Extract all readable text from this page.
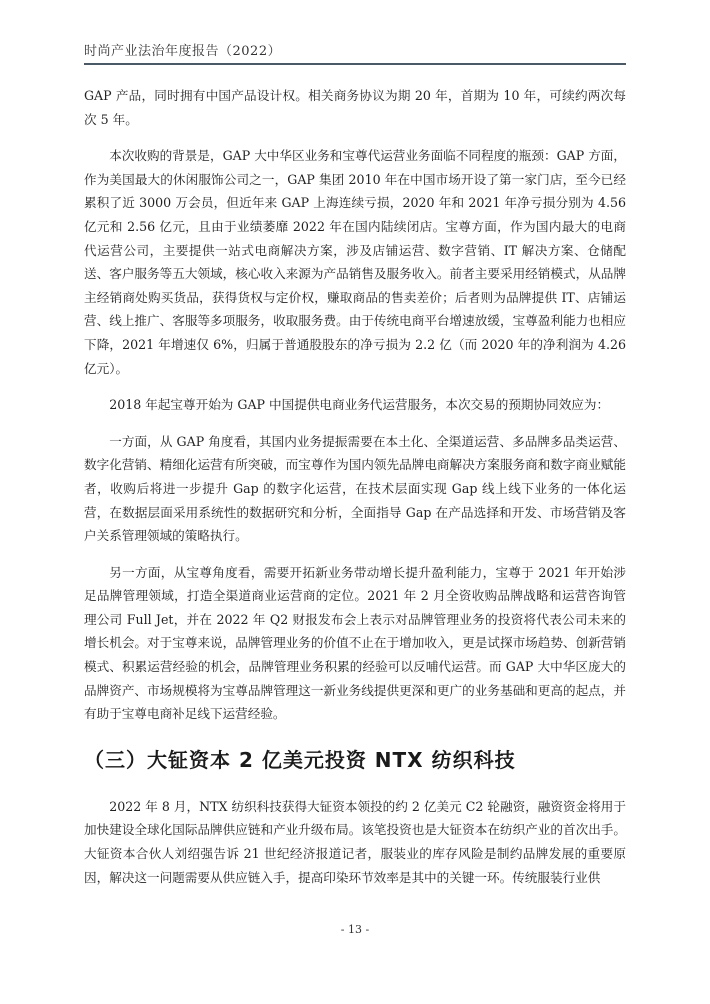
时尚产业法治年度报告（2022）

GAP 产品，同时拥有中国产品设计权。相关商务协议为期 20 年，首期为 10 年，可续约两次每次 5 年。

本次收购的背景是，GAP 大中华区业务和宝尊代运营业务面临不同程度的瓶颈：GAP 方面，作为美国最大的休闲服饰公司之一，GAP 集团 2010 年在中国市场开设了第一家门店，至今已经累积了近 3000 万会员，但近年来 GAP 上海连续亏损，2020 年和 2021 年净亏损分别为 4.56 亿元和 2.56 亿元，且由于业绩萎靡 2022 年在国内陆续闭店。宝尊方面，作为国内最大的电商代运营公司，主要提供一站式电商解决方案，涉及店铺运营、数字营销、IT 解决方案、仓储配送、客户服务等五大领域，核心收入来源为产品销售及服务收入。前者主要采用经销模式，从品牌主经销商处购买货品，获得货权与定价权，赚取商品的售卖差价；后者则为品牌提供 IT、店铺运营、线上推广、客服等多项服务，收取服务费。由于传统电商平台增速放缓，宝尊盈利能力也相应下降，2021 年增速仅 6%，归属于普通股股东的净亏损为 2.2 亿（而 2020 年的净利润为 4.26 亿元）。

2018 年起宝尊开始为 GAP 中国提供电商业务代运营服务，本次交易的预期协同效应为：

一方面，从 GAP 角度看，其国内业务提振需要在本土化、全渠道运营、多品牌多品类运营、数字化营销、精细化运营有所突破，而宝尊作为国内领先品牌电商解决方案服务商和数字商业赋能者，收购后将进一步提升 Gap 的数字化运营，在技术层面实现 Gap 线上线下业务的一体化运营，在数据层面采用系统性的数据研究和分析，全面指导 Gap 在产品选择和开发、市场营销及客户关系管理领域的策略执行。

另一方面，从宝尊角度看，需要开拓新业务带动增长提升盈利能力，宝尊于 2021 年开始涉足品牌管理领域，打造全渠道商业运营商的定位。2021 年 2 月全资收购品牌战略和运营咨询管理公司 Full Jet，并在 2022 年 Q2 财报发布会上表示对品牌管理业务的投资将代表公司未来的增长机会。对于宝尊来说，品牌管理业务的价值不止在于增加收入，更是试探市场趋势、创新营销模式、积累运营经验的机会，品牌管理业务积累的经验可以反哺代运营。而 GAP 大中华区庞大的品牌资产、市场规模将为宝尊品牌管理这一新业务线提供更深和更广的业务基础和更高的起点，并有助于宝尊电商补足线下运营经验。

（三）大钲资本 2 亿美元投资 NTX 纺织科技

2022 年 8 月，NTX 纺织科技获得大钲资本领投的约 2 亿美元 C2 轮融资，融资资金将用于加快建设全球化国际品牌供应链和产业升级布局。该笔投资也是大钲资本在纺织产业的首次出手。大钲资本合伙人刘绍强告诉 21 世纪经济报道记者，服装业的库存风险是制约品牌发展的重要原因，解决这一问题需要从供应链入手，提高印染环节效率是其中的关键一环。传统服装行业供

- 13 -
